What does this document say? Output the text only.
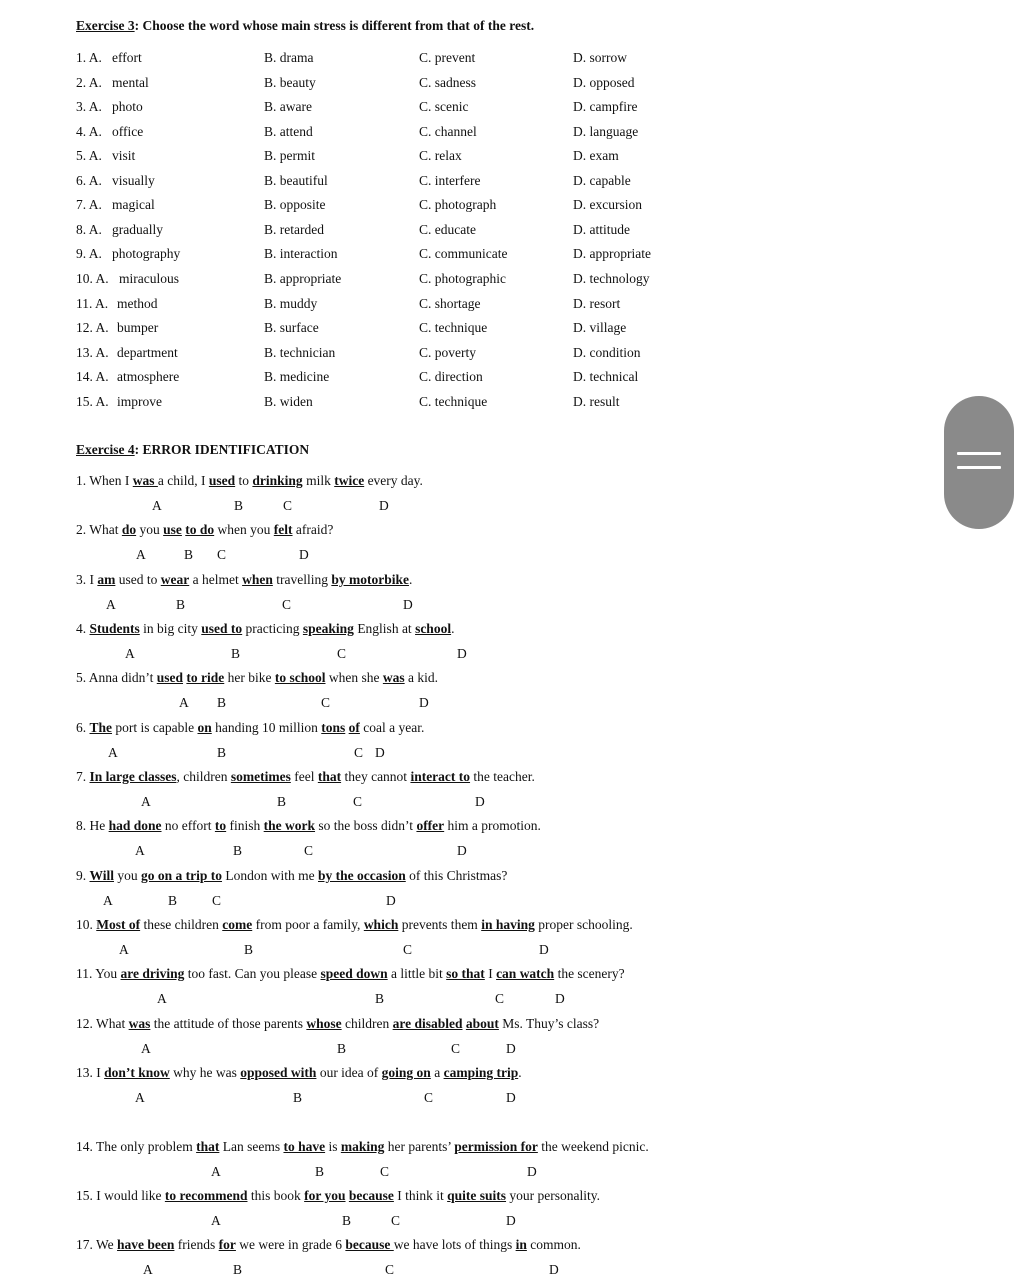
Exercise 3: Choose the word whose main stress is different from that of the rest.
1. A. effort	B. drama	C. prevent	D. sorrow
2. A. mental	B. beauty	C. sadness	D. opposed
3. A. photo	B. aware	C. scenic	D. campfire
4. A. office	B. attend	C. channel	D. language
5. A. visit	B. permit	C. relax	D. exam
6. A. visually	B. beautiful	C. interfere	D. capable
7. A. magical	B. opposite	C. photograph	D. excursion
8. A. gradually	B. retarded	C. educate	D. attitude
9. A. photography	B. interaction	C. communicate	D. appropriate
10. A. miraculous	B. appropriate	C. photographic	D. technology
11. A. method	B. muddy	C. shortage	D. resort
12. A. bumper	B. surface	C. technique	D. village
13. A. department	B. technician	C. poverty	D. condition
14. A. atmosphere	B. medicine	C. direction	D. technical
15. A. improve	B. widen	C. technique	D. result
Exercise 4: ERROR IDENTIFICATION
1. When I was a child, I used to drinking milk twice every day.
A	B	C	D
2. What do you use to do when you felt afraid?
A	B C	D
3. I am used to wear a helmet when travelling by motorbike.
A	B	C	D
4. Students in big city used to practicing speaking English at school.
A	B	C	D
5. Anna didn’t used to ride her bike to school when she was a kid.
A B	C	D
6. The port is capable on handing 10 million tons of coal a year.
A	B	C D
7. In large classes, children sometimes feel that they cannot interact to the teacher.
A	B	C	D
8. He had done no effort to finish the work so the boss didn’t offer him a promotion.
A	B	C	D
9. Will you go on a trip to London with me by the occasion of this Christmas?
A	B	C	D
10. Most of these children come from poor a family, which prevents them in having proper schooling.
A	B	C	D
11. You are driving too fast. Can you please speed down a little bit so that I can watch the scenery?
A	B	C	D
12. What was the attitude of those parents whose children are disabled about Ms. Thuy’s class?
A	B	C	D
13. I don’t know why he was opposed with our idea of going on a camping trip.
A	B	C	D
14. The only problem that Lan seems to have is making her parents’ permission for the weekend picnic.
A	B	C	D
15. I would like to recommend this book for you because I think it quite suits your personality.
A	B	C	D
17. We have been friends for we were in grade 6 because we have lots of things in common.
A	B	C	D
